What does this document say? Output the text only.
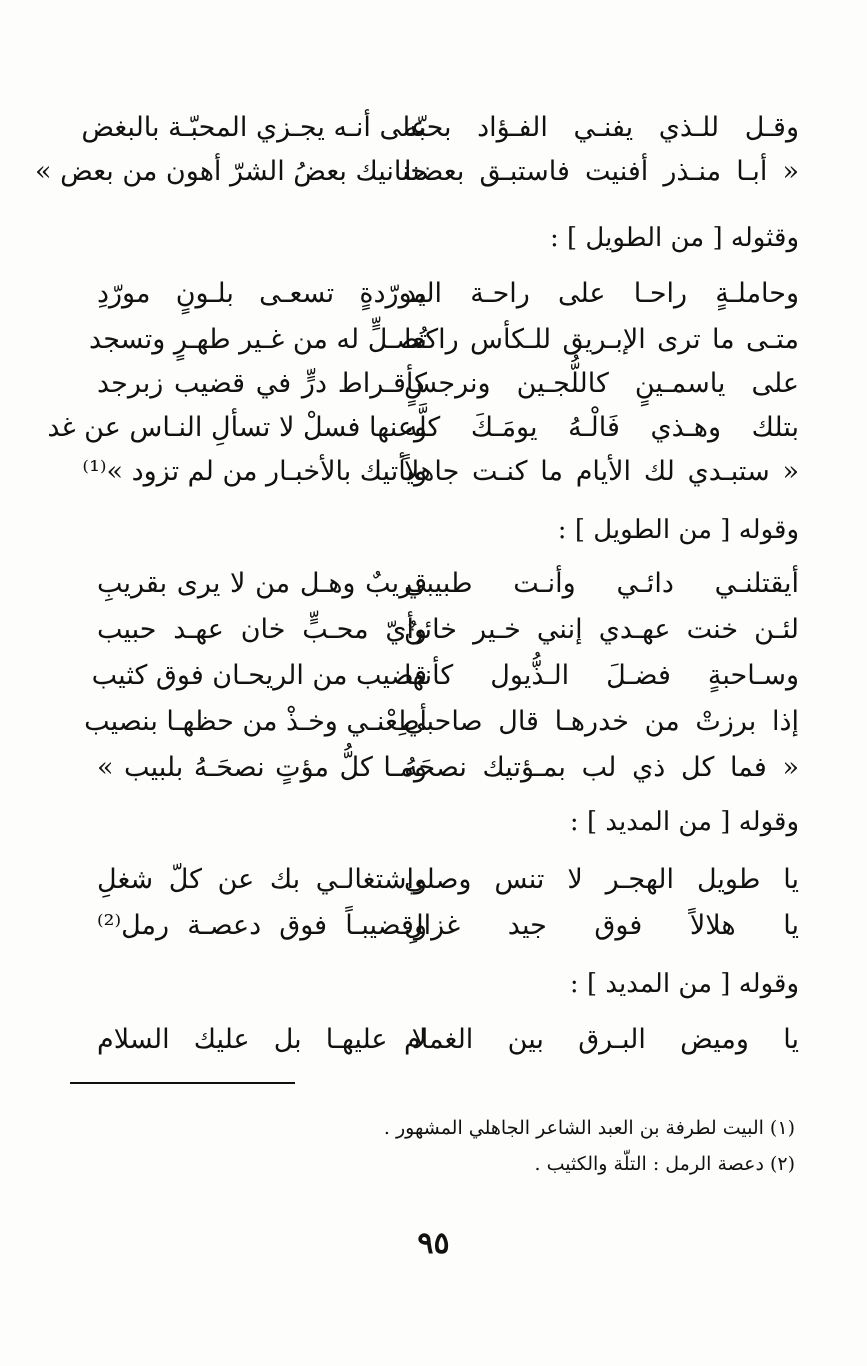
وقـل للـذي يفنـي الفـؤاد بحبّه
على أنـه يجـزي المحبّـة بالبغض
« أبـا منـذر أفنيت فاستبـق بعضنا
حنانيك بعضُ الشرّ أهون من بعض »
وقثوله [ من الطويل ] :
وحاملـةٍ راحـا على راحـة اليد
مورّدةٍ تسعـى بلـونٍ مورّدِ
متـى ما ترى الإبـريق للـكأس راكعا
تُصـلٍّ له من غـير طهـرٍ وتسجد
على ياسمـينٍ كاللُّجـين ونرجسٍ
كأقـراط درٍّ في قضيب زبرجد
بتلك وهـذي فَالْـهُ يومَـكَ كلَّه
وعنها فسلْ لا تسألِ النـاس عن غد
« ستبـدي لك الأيام ما كنـت جاهلاً
ويأتيك بالأخبـار من لم تزود »⁽¹⁾
وقوله [ من الطويل ] :
أيقتلنـي دائـي وأنـت طبيبي
قريبٌ وهـل من لا يرى بقريبِ
لئـن خنت عهـدي إنني خـير خائنٌ
وأيّ محـبٍّ خان عهـد حبيب
وسـاحبةٍ فضـلَ الـذُّيول كأنها
قضيب من الريحـان فوق كثيب
إذا برزتْ من خدرهـا قال صاحبي
أطِعْنـي وخـذْ من حظهـا بنصيب
« فما كل ذي لب بمـؤتيك نصحَهُ
ومـا كلُّ مؤتٍ نصحَـهُ بلبيب »
وقوله [ من المديد ] :
يا طويل الهجـر لا تنس وصلي
واشتغالـي بك عن كلّ شغلِ
يا هلالاً فوق جيد غزالِ
وقضيبـاً فوق دعصـة رمل⁽²⁾
وقوله [ من المديد ] :
يا وميض البـرق بين الغمام
لا عليهـا بل عليك السلام
(١) البيت لطرفة بن العبد الشاعر الجاهلي المشهور .
(٢) دعصة الرمل : التلّة والكثيب .
٩٥
